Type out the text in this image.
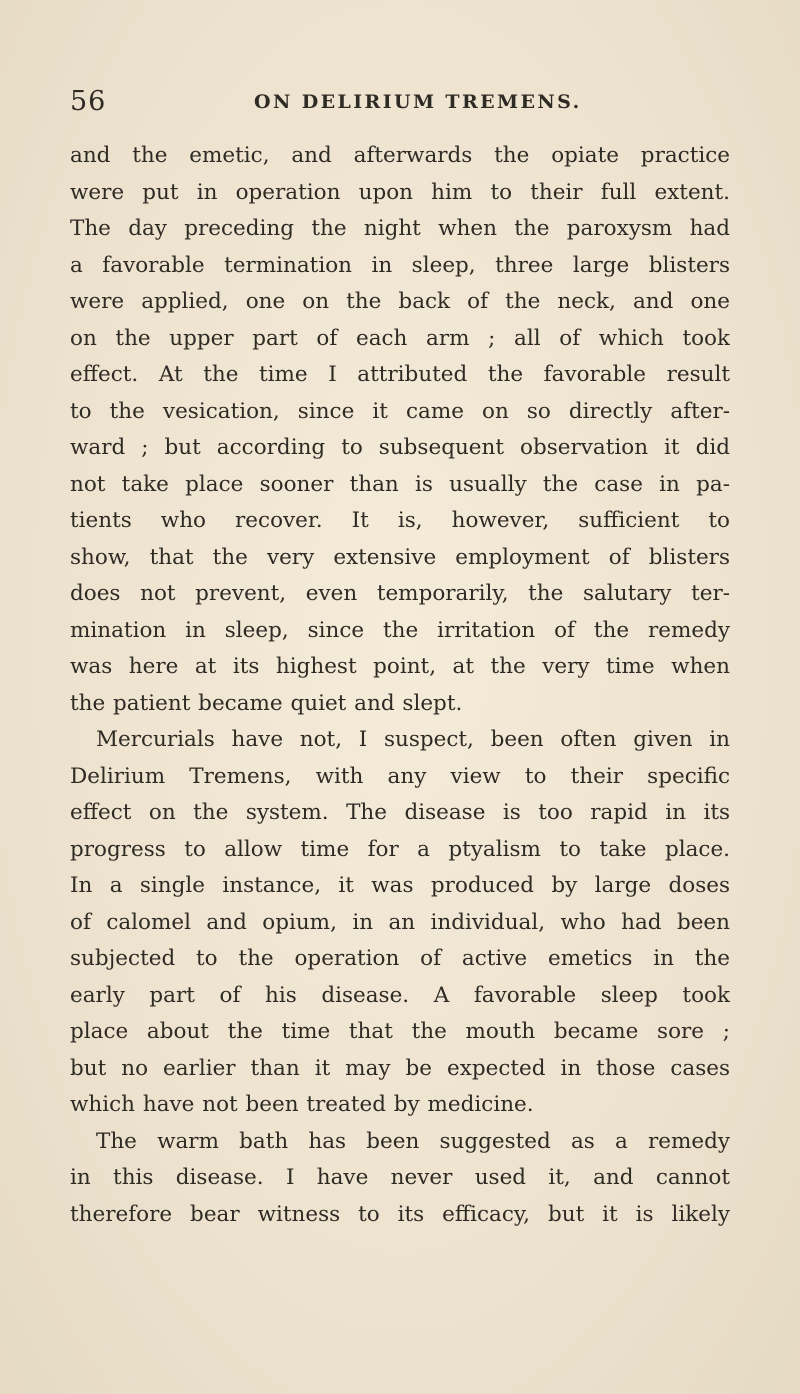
56	ON DELIRIUM TREMENS.
and the emetic, and afterwards the opiate practice
were put in operation upon him to their full extent.
The day preceding the night when the paroxysm had
a favorable termination in sleep, three large blisters
were applied, one on the back of the neck, and one
on the upper part of each arm ; all of which took
effect. At the time I attributed the favorable result
to the vesication, since it came on so directly after-
ward ; but according to subsequent observation it did
not take place sooner than is usually the case in pa-
tients who recover. It is, however, sufficient to
show, that the very extensive employment of blisters
does not prevent, even temporarily, the salutary ter-
mination in sleep, since the irritation of the remedy
was here at its highest point, at the very time when
the patient became quiet and slept.
Mercurials have not, I suspect, been often given in
Delirium Tremens, with any view to their specific
effect on the system. The disease is too rapid in its
progress to allow time for a ptyalism to take place.
In a single instance, it was produced by large doses
of calomel and opium, in an individual, who had been
subjected to the operation of active emetics in the
early part of his disease. A favorable sleep took
place about the time that the mouth became sore ;
but no earlier than it may be expected in those cases
which have not been treated by medicine.
The warm bath has been suggested as a remedy
in this disease. I have never used it, and cannot
therefore bear witness to its efficacy, but it is likely
